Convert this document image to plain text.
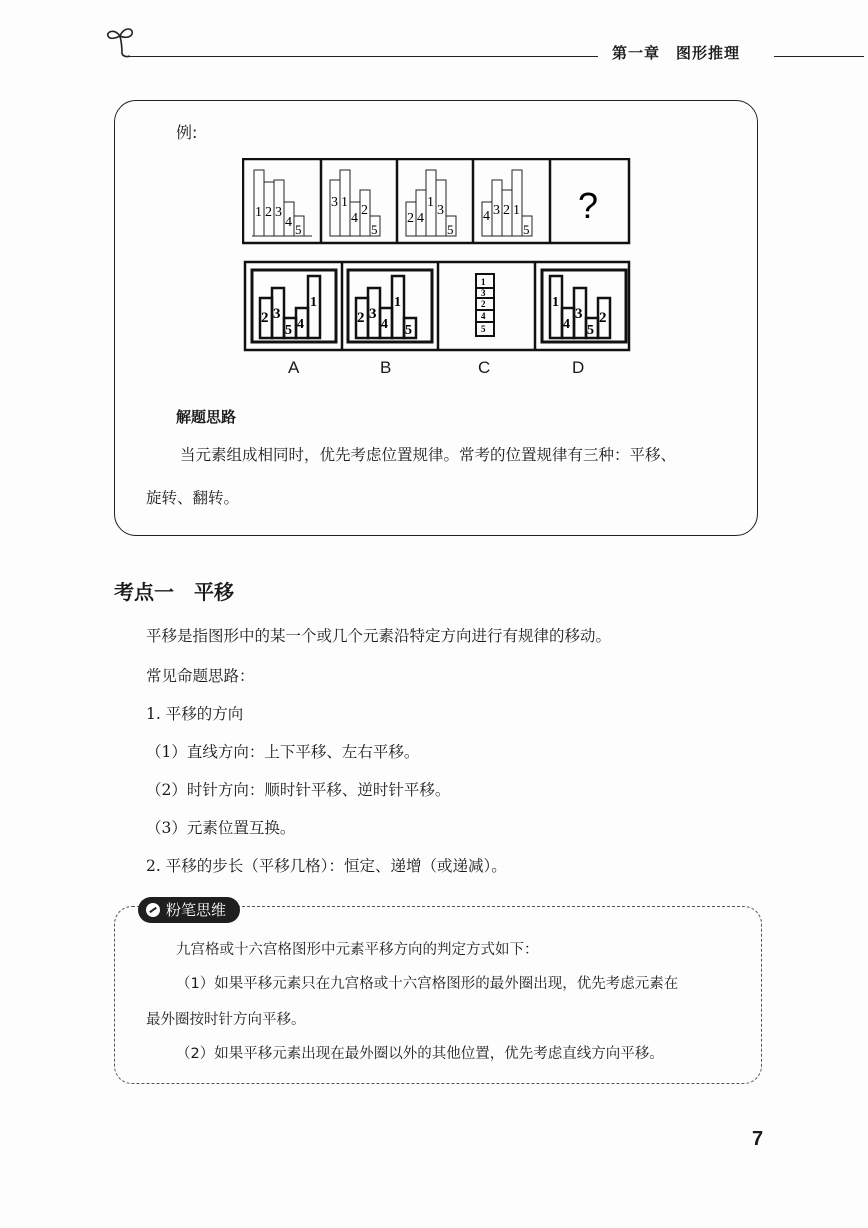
第一章　图形推理
例:
1 2 3
4 5
3 1
4
2
5
2 4
1
3
5
4 3 2 1
5
?
2 3
5 4
1
2 3
4
1
5
1
3
2
4
5
1
4
3
5
2
A	B	C	D
解题思路
当元素组成相同时，优先考虑位置规律。常考的位置规律有三种：平移、
旋转、翻转。
考点一　平移
平移是指图形中的某一个或几个元素沿特定方向进行有规律的移动。
常见命题思路：
1. 平移的方向
（1）直线方向：上下平移、左右平移。
（2）时针方向：顺时针平移、逆时针平移。
（3）元素位置互换。
2. 平移的步长（平移几格）：恒定、递增（或递减）。
粉笔思维
九宫格或十六宫格图形中元素平移方向的判定方式如下：
（1）如果平移元素只在九宫格或十六宫格图形的最外圈出现，优先考虑元素在
最外圈按时针方向平移。
（2）如果平移元素出现在最外圈以外的其他位置，优先考虑直线方向平移。
7
